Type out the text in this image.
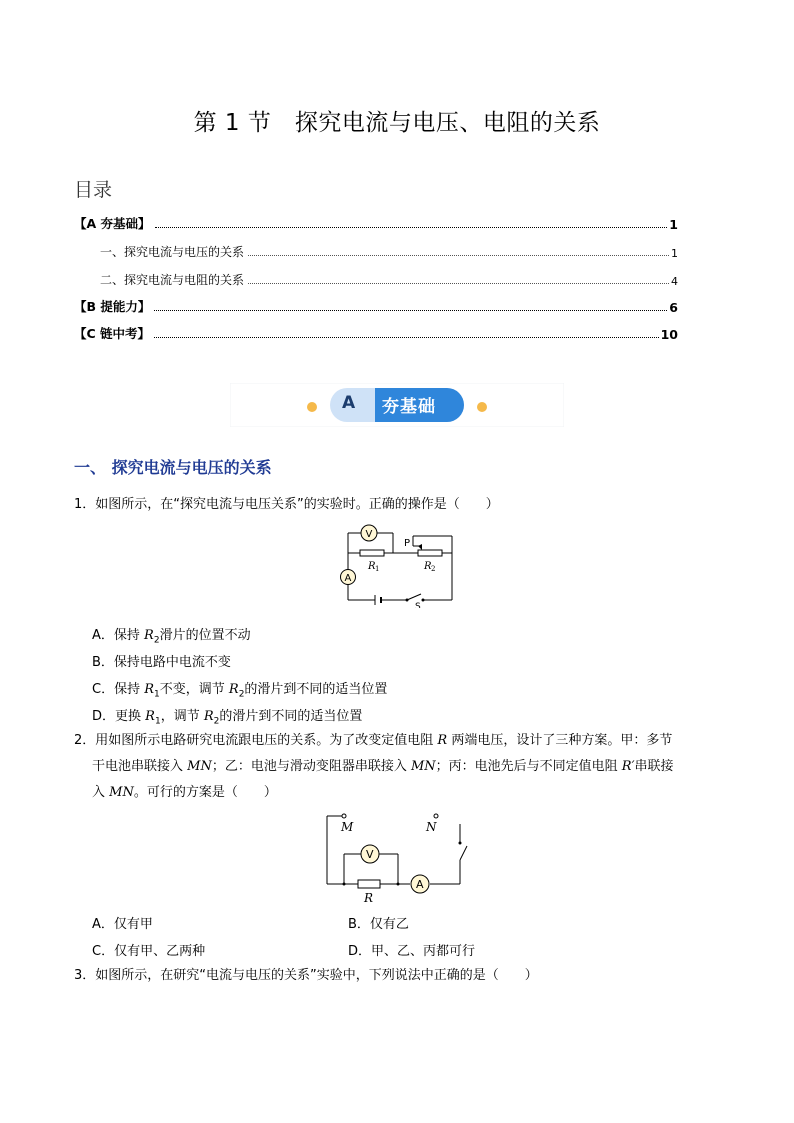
第 1 节　探究电流与电压、电阻的关系
目录
【A 夯基础】	1
一、探究电流与电压的关系	1
二、探究电流与电阻的关系	4
【B 提能力】	6
【C 链中考】	10
A 夯基础
一、 探究电流与电压的关系
1．如图所示，在“探究电流与电压关系”的实验时。正确的操作是（　　）
V
A
R 1	R 2
P
S
A．保持 $R_2$滑片的位置不动
B．保持电路中电流不变
C．保持 $R_1$不变，调节 $R_2$的滑片到不同的适当位置
D．更换 $R_1$，调节 $R_2$的滑片到不同的适当位置
2．用如图所示电路研究电流跟电压的关系。为了改变定值电阻 R 两端电压，设计了三种方案。甲：多节
干电池串联接入 MN；乙：电池与滑动变阻器串联接入 MN；丙：电池先后与不同定值电阻 R′串联接
入 MN。可行的方案是（　　）
V
A
M	N
R
A．仅有甲	B．仅有乙
C．仅有甲、乙两种	D．甲、乙、丙都可行
3．如图所示，在研究“电流与电压的关系”实验中，下列说法中正确的是（　　）
